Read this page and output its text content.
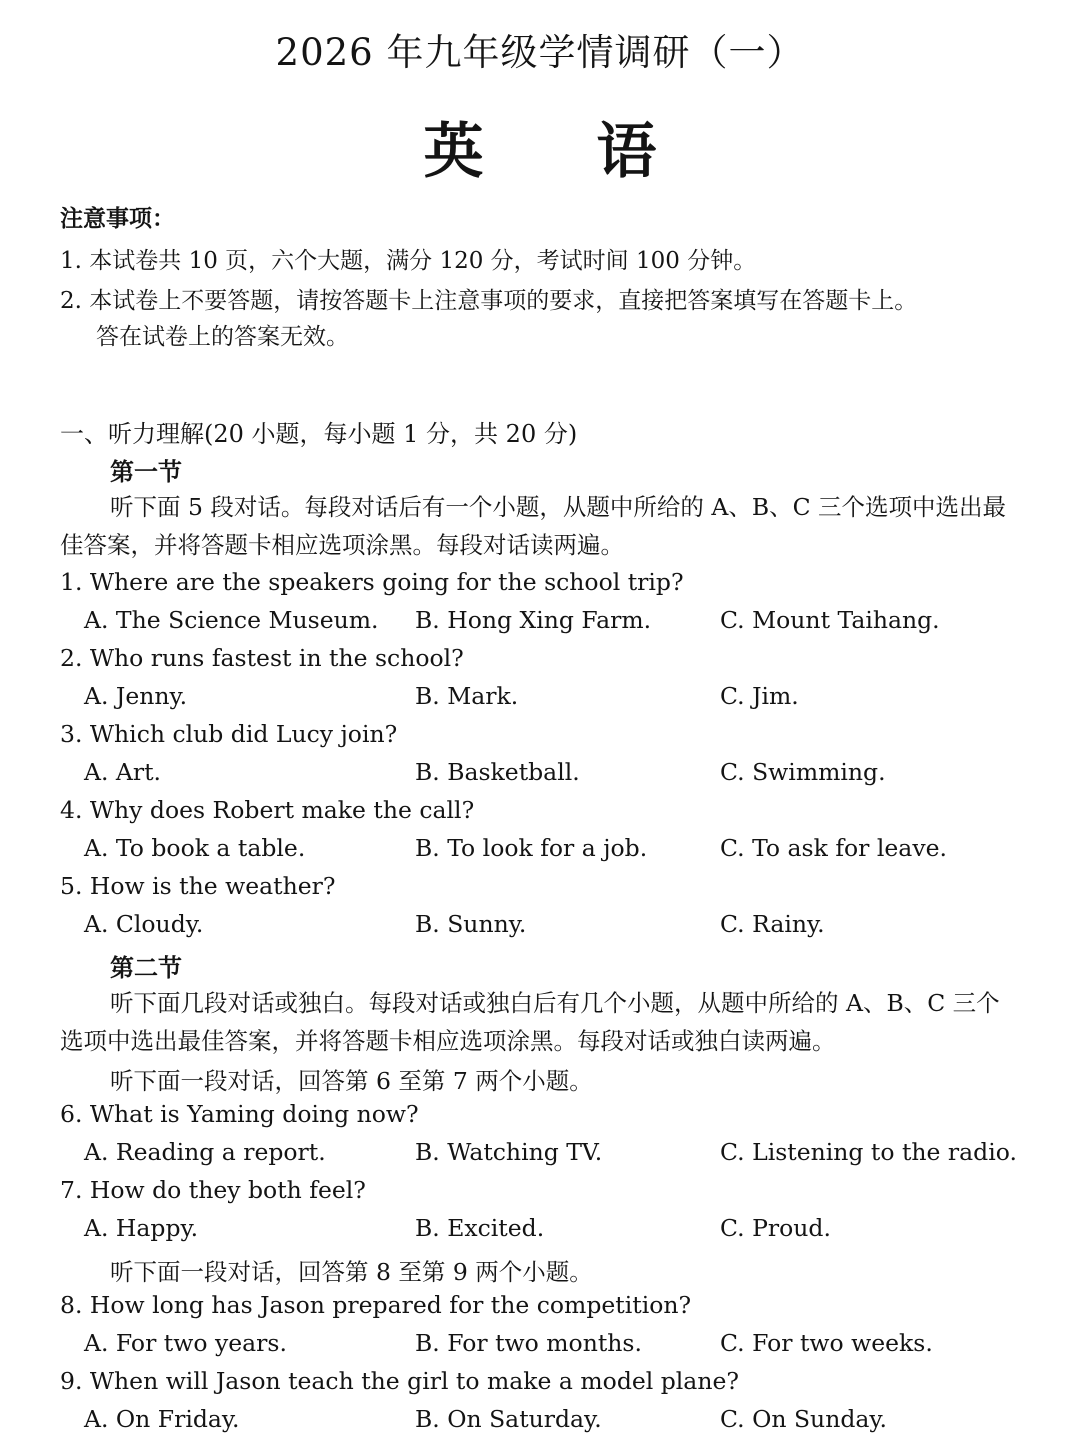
2026 年九年级学情调研（一）
英 语
注意事项：
1. 本试卷共 10 页，六个大题，满分 120 分，考试时间 100 分钟。
2. 本试卷上不要答题，请按答题卡上注意事项的要求，直接把答案填写在答题卡上。
答在试卷上的答案无效。
一、听力理解(20 小题，每小题 1 分，共 20 分)
第一节
听下面 5 段对话。每段对话后有一个小题，从题中所给的 A、B、C 三个选项中选出最佳答案，并将答题卡相应选项涂黑。每段对话读两遍。
1. Where are the speakers going for the school trip?
A. The Science Museum. B. Hong Xing Farm.	C. Mount Taihang.
2. Who runs fastest in the school?
A. Jenny.	B. Mark.	C. Jim.
3. Which club did Lucy join?
A. Art.	B. Basketball.	C. Swimming.
4. Why does Robert make the call?
A. To book a table.	B. To look for a job.	C. To ask for leave.
5. How is the weather?
A. Cloudy.	B. Sunny.	C. Rainy.
第二节
听下面几段对话或独白。每段对话或独白后有几个小题，从题中所给的 A、B、C 三个选项中选出最佳答案，并将答题卡相应选项涂黑。每段对话或独白读两遍。
听下面一段对话，回答第 6 至第 7 两个小题。
6. What is Yaming doing now?
A. Reading a report.	B. Watching TV.	C. Listening to the radio.
7. How do they both feel?
A. Happy.	B. Excited.	C. Proud.
听下面一段对话，回答第 8 至第 9 两个小题。
8. How long has Jason prepared for the competition?
A. For two years.	B. For two months.	C. For two weeks.
9. When will Jason teach the girl to make a model plane?
A. On Friday.	B. On Saturday.	C. On Sunday.
